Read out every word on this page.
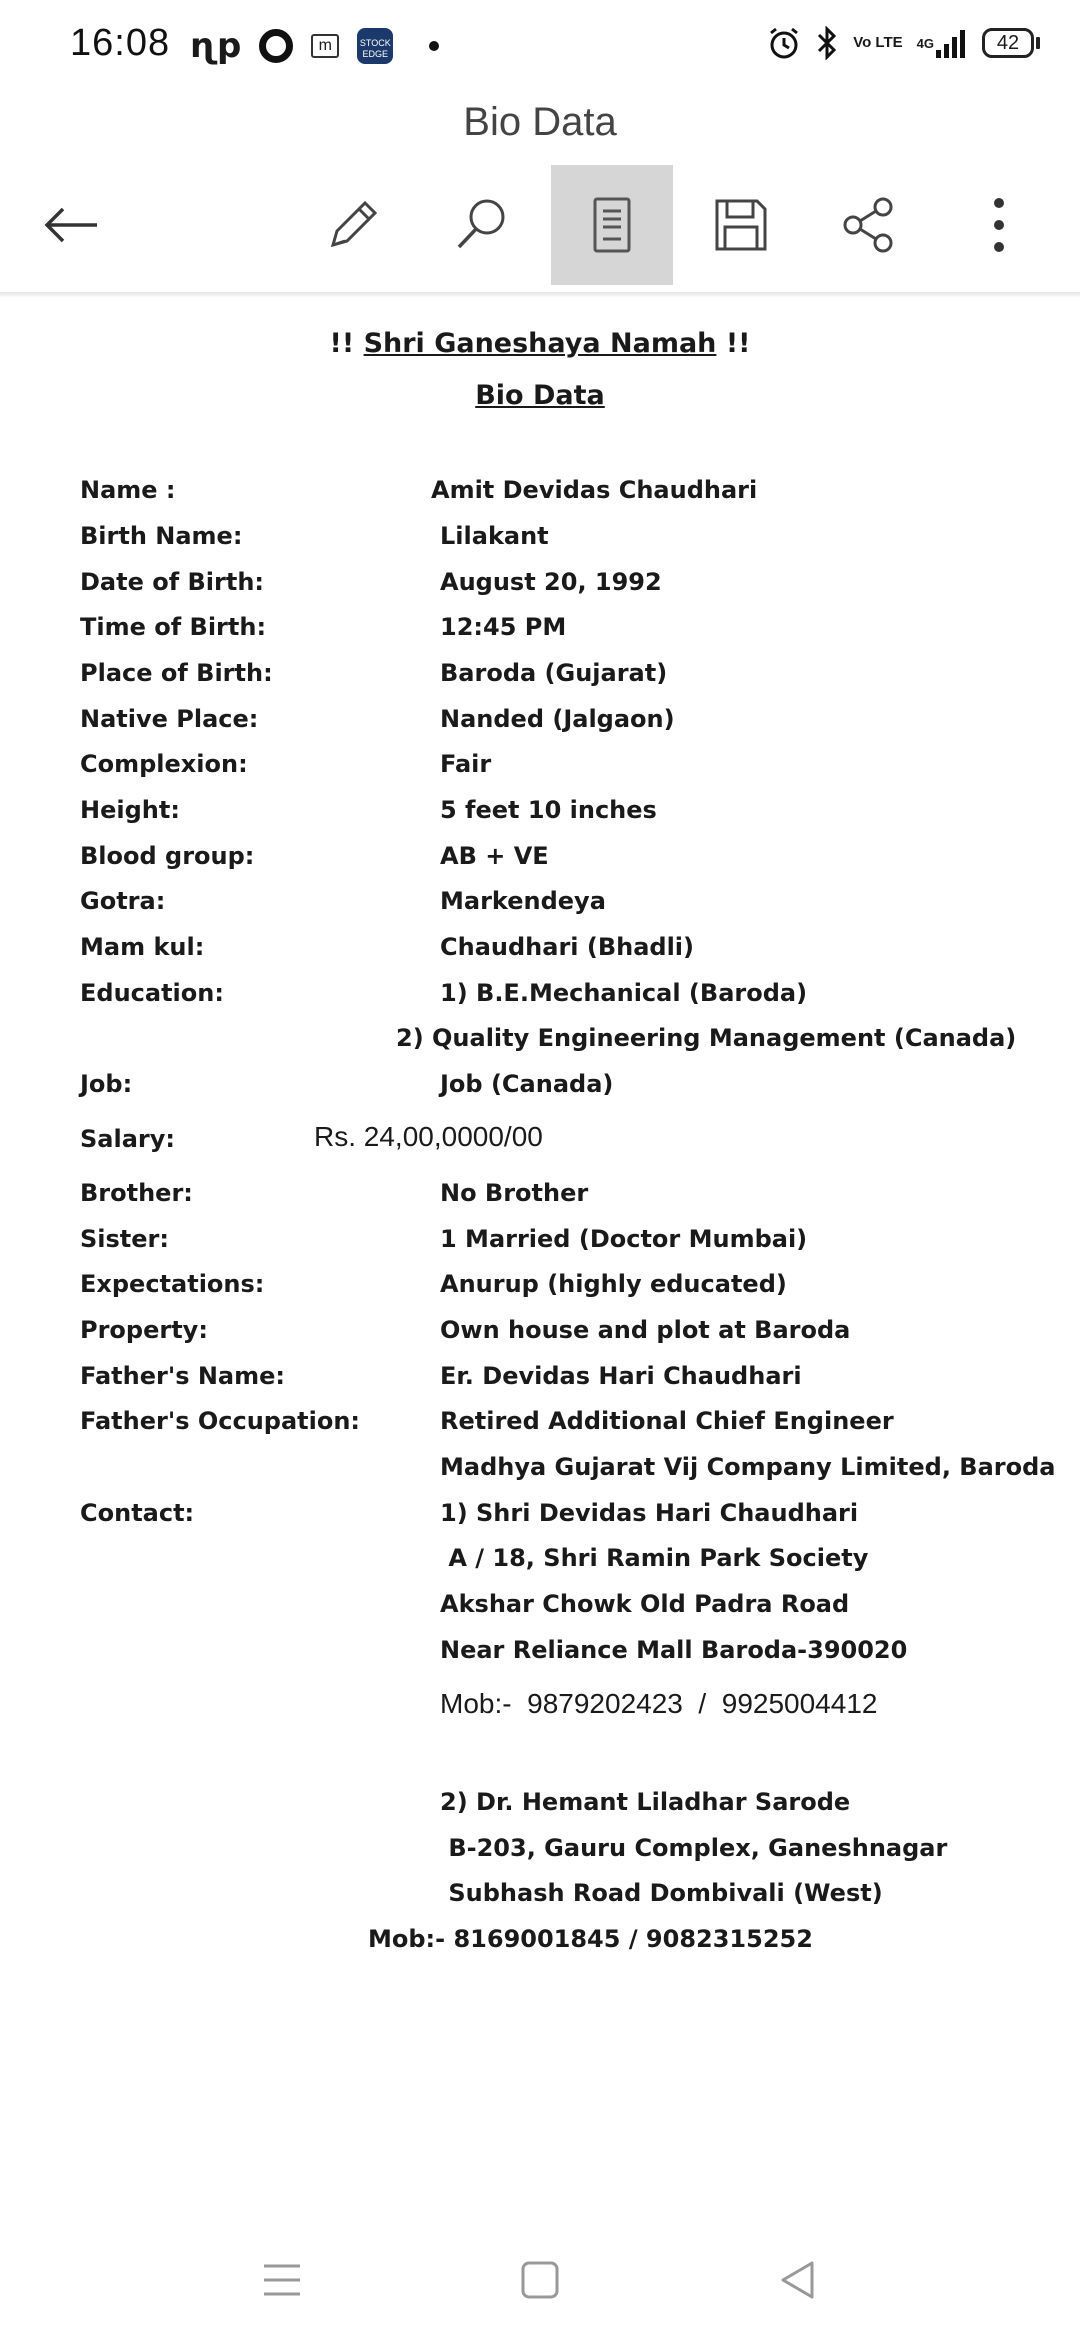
16:08 ɳp	m	STOCK EDGE
Vo LTE 4G	42
Bio Data
!! Shri Ganeshaya Namah !!
Bio Data
Name :	Amit Devidas Chaudhari
Birth Name:	Lilakant
Date of Birth:	August 20, 1992
Time of Birth:	12:45 PM
Place of Birth:	Baroda (Gujarat)
Native Place:	Nanded (Jalgaon)
Complexion:	Fair
Height:	5 feet 10 inches
Blood group:	AB + VE
Gotra:	Markendeya
Mam kul:	Chaudhari (Bhadli)
Education:	1) B.E.Mechanical (Baroda)
2) Quality Engineering Management (Canada)
Job:	Job (Canada)
Salary:	Rs. 24,00,0000/00
Brother:	No Brother
Sister:	1 Married (Doctor Mumbai)
Expectations:	Anurup (highly educated)
Property:	Own house and plot at Baroda
Father's Name:	Er. Devidas Hari Chaudhari
Father's Occupation:	Retired Additional Chief Engineer
Madhya Gujarat Vij Company Limited, Baroda
Contact:	1) Shri Devidas Hari Chaudhari
A / 18, Shri Ramin Park Society
Akshar Chowk Old Padra Road
Near Reliance Mall Baroda-390020
Mob:-  9879202423  /  9925004412
2) Dr. Hemant Liladhar Sarode
B-203, Gauru Complex, Ganeshnagar
Subhash Road Dombivali (West)
Mob:- 8169001845 / 9082315252
